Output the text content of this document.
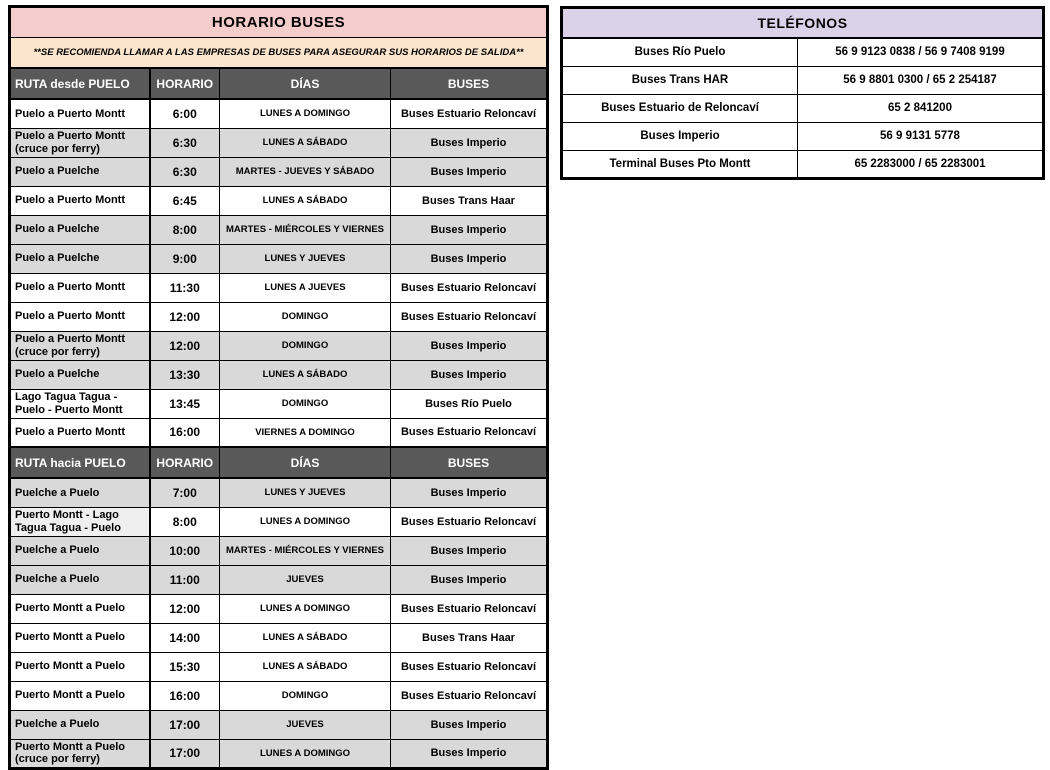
HORARIO BUSES			
**SE RECOMIENDA LLAMAR A LAS EMPRESAS DE BUSES PARA ASEGURAR SUS HORARIOS DE SALIDA**			
RUTA desde PUELO	HORARIO	DÍAS	BUSES
Puelo a Puerto Montt	6:00	LUNES A DOMINGO	Buses Estuario Reloncaví
Puelo a Puerto Montt (cruce por ferry)	6:30	LUNES A SÁBADO	Buses Imperio
Puelo a Puelche	6:30	MARTES - JUEVES Y SÁBADO	Buses Imperio
Puelo a Puerto Montt	6:45	LUNES A SÁBADO	Buses Trans Haar
Puelo a Puelche	8:00	MARTES - MIÉRCOLES Y VIERNES	Buses Imperio
Puelo a Puelche	9:00	LUNES Y JUEVES	Buses Imperio
Puelo a Puerto Montt	11:30	LUNES A JUEVES	Buses Estuario Reloncaví
Puelo a Puerto Montt	12:00	DOMINGO	Buses Estuario Reloncaví
Puelo a Puerto Montt (cruce por ferry)	12:00	DOMINGO	Buses Imperio
Puelo a Puelche	13:30	LUNES A SÁBADO	Buses Imperio
Lago Tagua Tagua - Puelo - Puerto Montt	13:45	DOMINGO	Buses Río Puelo
Puelo a Puerto Montt	16:00	VIERNES A DOMINGO	Buses Estuario Reloncaví
RUTA hacia PUELO	HORARIO	DÍAS	BUSES
Puelche a Puelo	7:00	LUNES Y JUEVES	Buses Imperio
Puerto Montt - Lago Tagua Tagua - Puelo	8:00	LUNES A DOMINGO	Buses Estuario Reloncaví
Puelche a Puelo	10:00	MARTES - MIÉRCOLES Y VIERNES	Buses Imperio
Puelche a Puelo	11:00	JUEVES	Buses Imperio
Puerto Montt a Puelo	12:00	LUNES A DOMINGO	Buses Estuario Reloncaví
Puerto Montt a Puelo	14:00	LUNES A SÁBADO	Buses Trans Haar
Puerto Montt a Puelo	15:30	LUNES A SÁBADO	Buses Estuario Reloncaví
Puerto Montt a Puelo	16:00	DOMINGO	Buses Estuario Reloncaví
Puelche a Puelo	17:00	JUEVES	Buses Imperio
Puerto Montt a Puelo (cruce por ferry)	17:00	LUNES A DOMINGO	Buses Imperio
TELÉFONOS	
Buses Río Puelo	56 9 9123 0838 / 56 9 7408 9199
Buses Trans HAR	56 9 8801 0300 / 65 2 254187
Buses Estuario de Reloncaví	65 2 841200
Buses Imperio	56 9 9131 5778
Terminal Buses Pto Montt	65 2283000 / 65 2283001
